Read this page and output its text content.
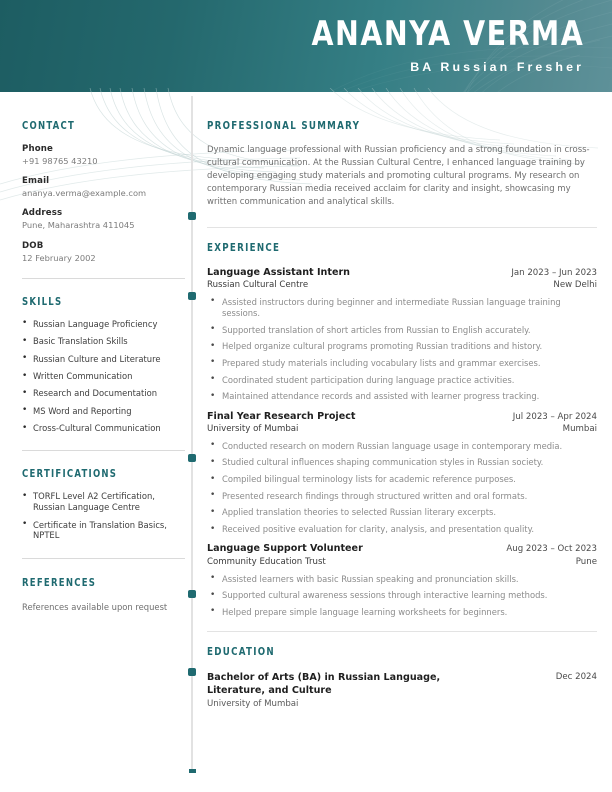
ANANYA VERMA
BA Russian Fresher
CONTACT
Phone
+91 98765 43210
Email
ananya.verma@example.com
Address
Pune, Maharashtra 411045
DOB
12 February 2002
SKILLS
• Russian Language Proficiency
• Basic Translation Skills
• Russian Culture and Literature
• Written Communication
• Research and Documentation
• MS Word and Reporting
• Cross-Cultural Communication
CERTIFICATIONS
• TORFL Level A2 Certification, Russian Language Centre
• Certificate in Translation Basics, NPTEL
REFERENCES
References available upon request
PROFESSIONAL SUMMARY
Dynamic language professional with Russian proficiency and a strong foundation in cross-cultural communication. At the Russian Cultural Centre, I enhanced language training by developing engaging study materials and promoting cultural programs. My research on contemporary Russian media received acclaim for clarity and insight, showcasing my written communication and analytical skills.
EXPERIENCE
Language Assistant Intern	Jan 2023 – Jun 2023
Russian Cultural Centre	New Delhi
• Assisted instructors during beginner and intermediate Russian language training sessions.
• Supported translation of short articles from Russian to English accurately.
• Helped organize cultural programs promoting Russian traditions and history.
• Prepared study materials including vocabulary lists and grammar exercises.
• Coordinated student participation during language practice activities.
• Maintained attendance records and assisted with learner progress tracking.
Final Year Research Project	Jul 2023 – Apr 2024
University of Mumbai	Mumbai
• Conducted research on modern Russian language usage in contemporary media.
• Studied cultural influences shaping communication styles in Russian society.
• Compiled bilingual terminology lists for academic reference purposes.
• Presented research findings through structured written and oral formats.
• Applied translation theories to selected Russian literary excerpts.
• Received positive evaluation for clarity, analysis, and presentation quality.
Language Support Volunteer	Aug 2023 – Oct 2023
Community Education Trust	Pune
• Assisted learners with basic Russian speaking and pronunciation skills.
• Supported cultural awareness sessions through interactive learning methods.
• Helped prepare simple language learning worksheets for beginners.
EDUCATION
Bachelor of Arts (BA) in Russian Language, Literature, and Culture
Dec 2024
University of Mumbai
